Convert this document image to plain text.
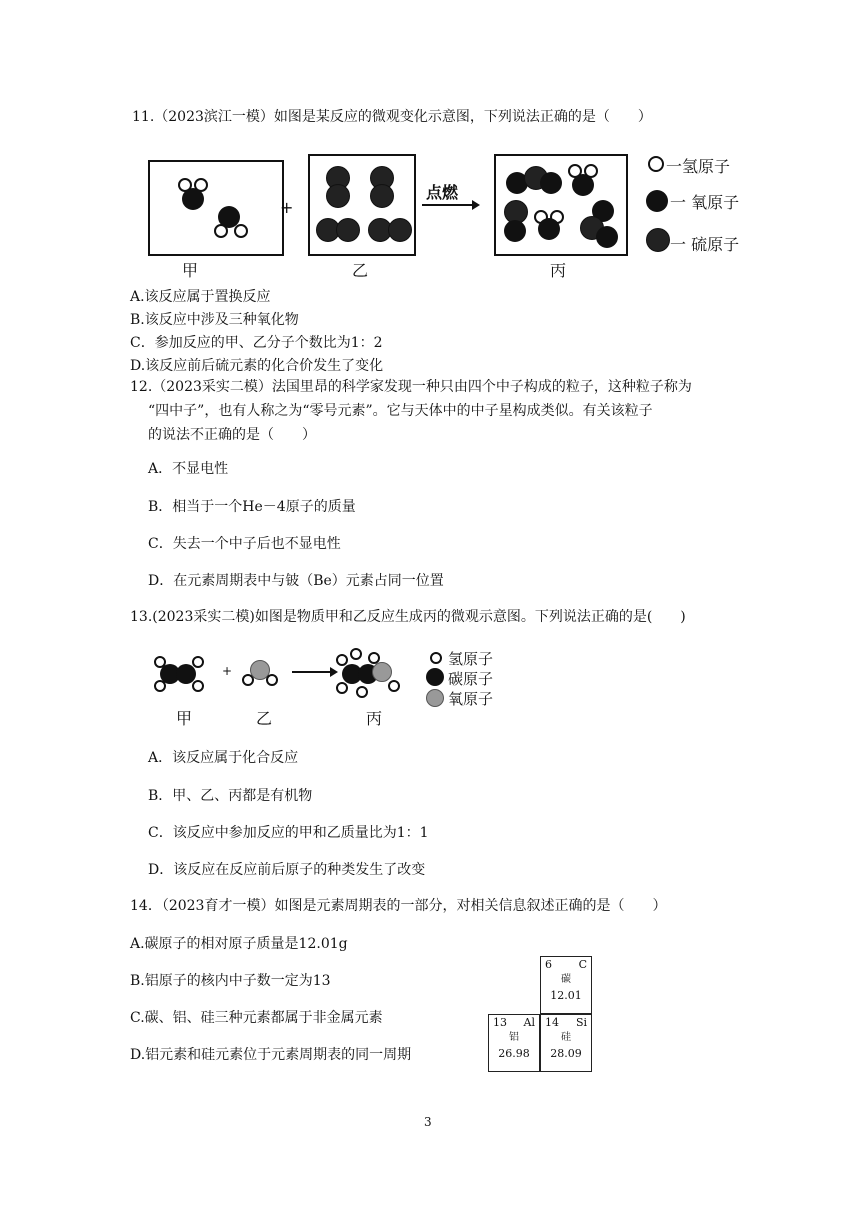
11.（2023滨江一模）如图是某反应的微观变化示意图，下列说法正确的是（　　）
+
点燃
甲	乙	丙
一氢原子
一 氧原子
一 硫原子
A.该反应属于置换反应
B.该反应中涉及三种氧化物
C．参加反应的甲、乙分子个数比为1：2
D.该反应前后硫元素的化合价发生了变化
12.（2023采实二模）法国里昂的科学家发现一种只由四个中子构成的粒子，这种粒子称为
“四中子”，也有人称之为“零号元素”。它与天体中的中子星构成类似。有关该粒子
的说法不正确的是（　　）
A．不显电性
B．相当于一个He－4原子的质量
C．失去一个中子后也不显电性
D．在元素周期表中与铍（Be）元素占同一位置
13.(2023采实二模)如图是物质甲和乙反应生成丙的微观示意图。下列说法正确的是(　　)
+
甲	乙	丙
氢原子
碳原子
氧原子
A．该反应属于化合反应
B．甲、乙、丙都是有机物
C．该反应中参加反应的甲和乙质量比为1：1
D．该反应在反应前后原子的种类发生了改变
14．（2023育才一模）如图是元素周期表的一部分，对相关信息叙述正确的是（　　）
A.碳原子的相对原子质量是12.01g
B.铝原子的核内中子数一定为13
C.碳、铝、硅三种元素都属于非金属元素
D.铝元素和硅元素位于元素周期表的同一周期
6 C
碳
12.01
13 Al
铝
26.98
14 Si
硅
28.09
3
